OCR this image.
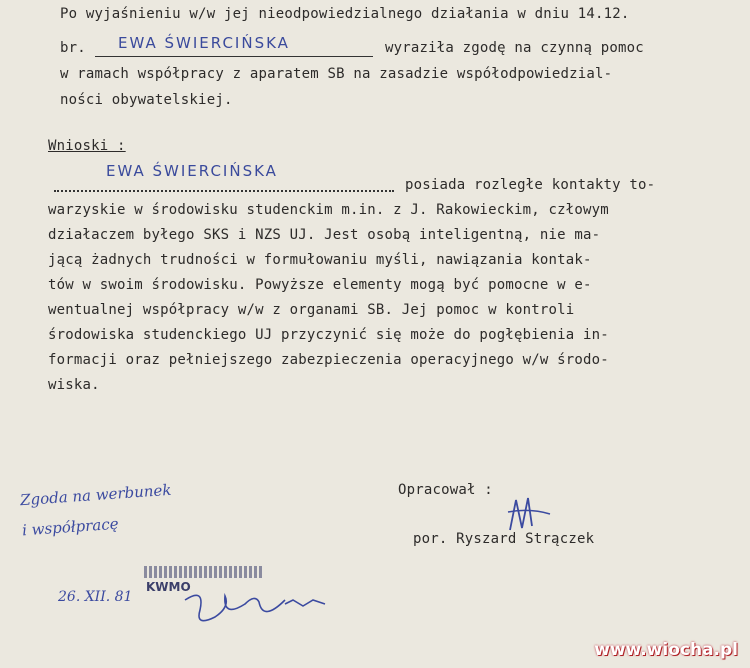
Po wyjaśnieniu w/w jej nieodpowiedzialnego działania w dniu 14.12.
br. EWA ŚWIERCIŃSKA	wyraziła zgodę na czynną pomoc
w ramach współpracy z aparatem SB na zasadzie współodpowiedzial-
ności obywatelskiej.
Wnioski :
EWA ŚWIERCIŃSKA
posiada rozległe kontakty to-
warzyskie w środowisku studenckim m.in. z J. Rakowieckim, człowym
działaczem byłego SKS i NZS UJ. Jest osobą inteligentną, nie ma-
jącą żadnych trudności w formułowaniu myśli, nawiązania kontak-
tów w swoim środowisku. Powyższe elementy mogą być pomocne w e-
wentualnej współpracy w/w z organami SB. Jej pomoc w kontroli
środowiska studenckiego UJ przyczynić się może do pogłębienia in-
formacji oraz pełniejszego zabezpieczenia operacyjnego w/w środo-
wiska.
Opracował :
por. Ryszard Strączek
Zgoda na werbunek
i współpracę
KWMO
26. XII. 81
www.wiocha.pl
